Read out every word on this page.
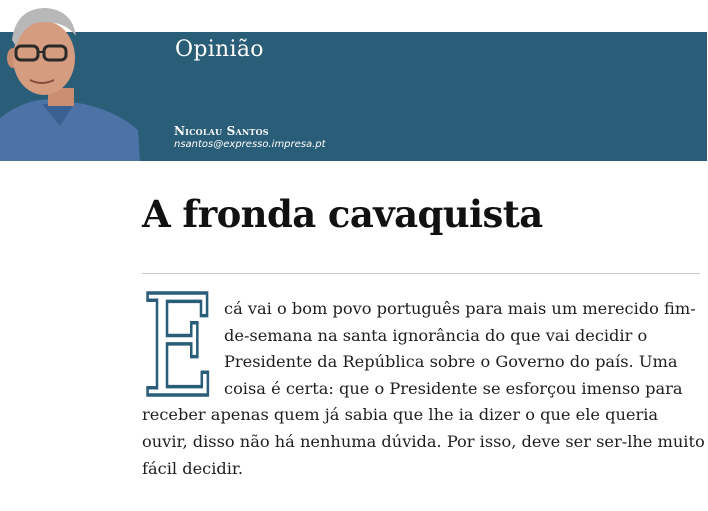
Opinião
Nicolau Santos
nsantos@expresso.impresa.pt
A fronda cavaquista
E cá vai o bom povo português para mais um merecido fim-de-semana na santa ignorância do que vai decidir o Presidente da República sobre o Governo do país. Uma coisa é certa: que o Presidente se esforçou imenso para receber apenas quem já sabia que lhe ia dizer o que ele queria ouvir, disso não há nenhuma dúvida. Por isso, deve ser ser-lhe muito fácil decidir.
